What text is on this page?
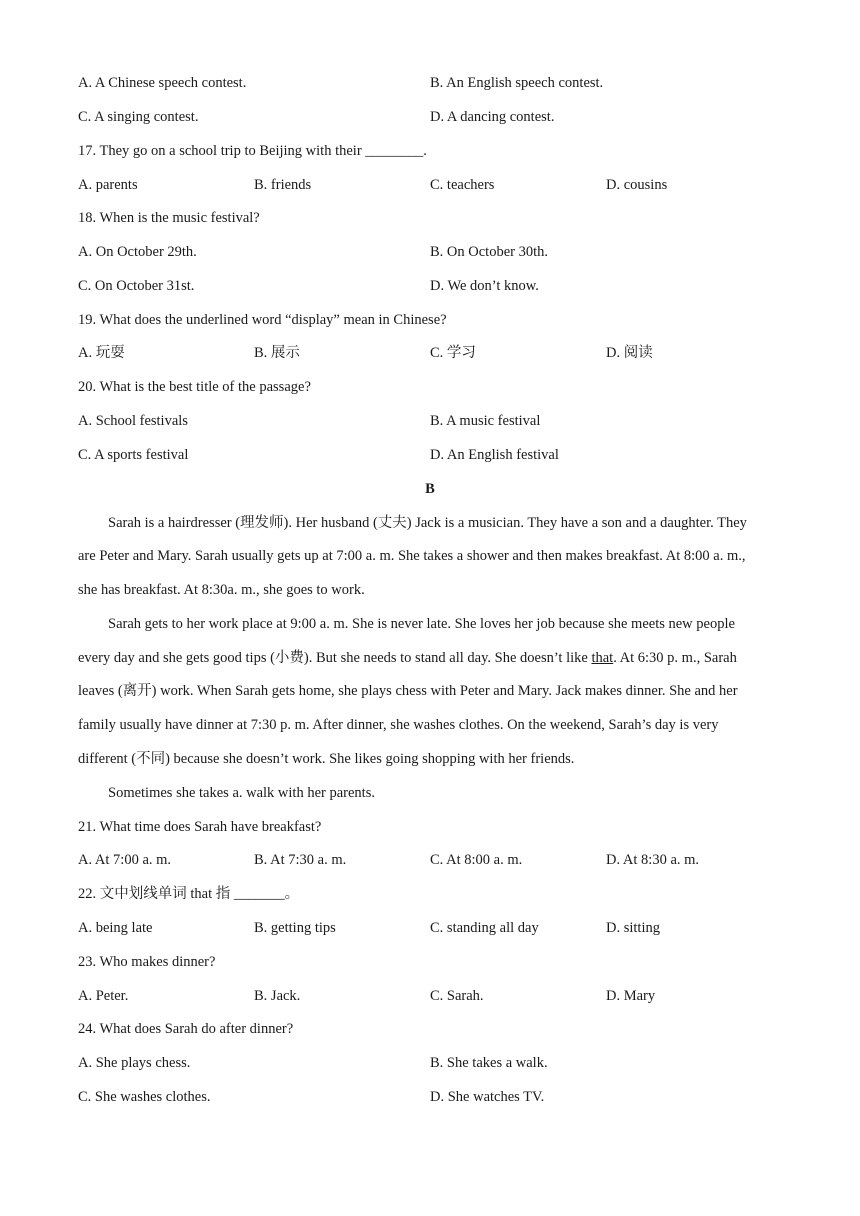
A. A Chinese speech contest.	B. An English speech contest.
C. A singing contest.	D. A dancing contest.
17. They go on a school trip to Beijing with their ________.
A. parents	B. friends	C. teachers	D. cousins
18. When is the music festival?
A. On October 29th.	B. On October 30th.
C. On October 31st.	D. We don’t know.
19. What does the underlined word “display” mean in Chinese?
A. 玩耍	B. 展示	C. 学习	D. 阅读
20. What is the best title of the passage?
A. School festivals	B. A music festival
C. A sports festival	D. An English festival
B
Sarah is a hairdresser (理发师). Her husband (丈夫) Jack is a musician. They have a son and a daughter. They
are Peter and Mary. Sarah usually gets up at 7:00 a. m. She takes a shower and then makes breakfast. At 8:00 a. m.,
she has breakfast. At 8:30a. m., she goes to work.
Sarah gets to her work place at 9:00 a. m. She is never late. She loves her job because she meets new people
every day and she gets good tips (小费). But she needs to stand all day. She doesn’t like that. At 6:30 p. m., Sarah
leaves (离开) work. When Sarah gets home, she plays chess with Peter and Mary. Jack makes dinner. She and her
family usually have dinner at 7:30 p. m. After dinner, she washes clothes. On the weekend, Sarah’s day is very
different (不同) because she doesn’t work. She likes going shopping with her friends.
Sometimes she takes a. walk with her parents.
21. What time does Sarah have breakfast?
A. At 7:00 a. m.	B. At 7:30 a. m.	C. At 8:00 a. m.	D. At 8:30 a. m.
22. 文中划线单词 that 指 _______。
A. being late	B. getting tips	C. standing all day	D. sitting
23. Who makes dinner?
A. Peter.	B. Jack.	C. Sarah.	D. Mary
24. What does Sarah do after dinner?
A. She plays chess.	B. She takes a walk.
C. She washes clothes.	D. She watches TV.
